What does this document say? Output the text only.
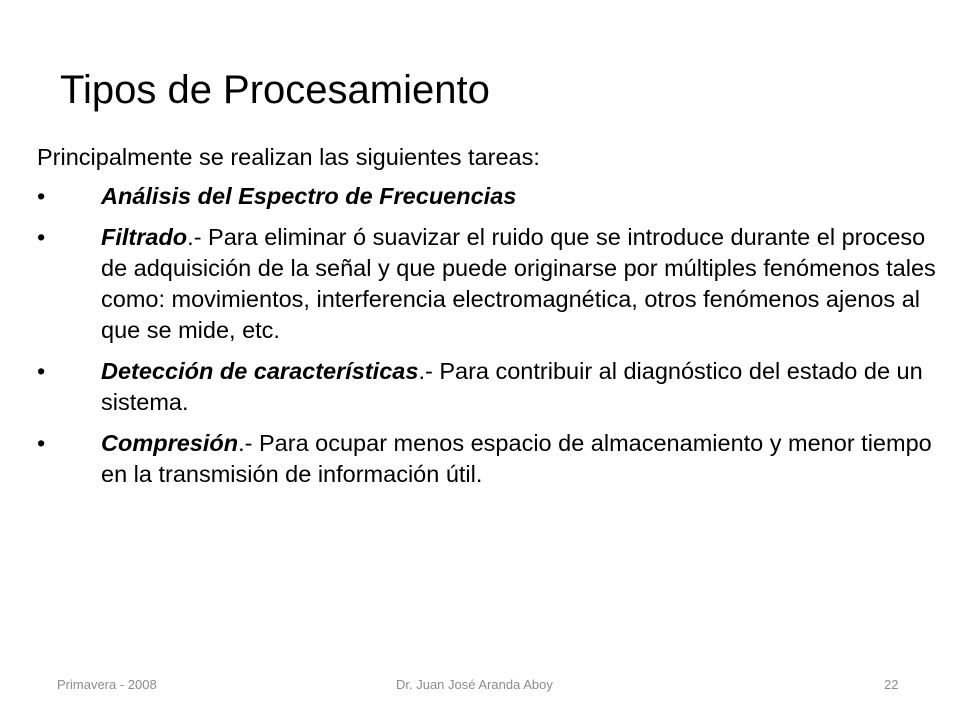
Tipos de Procesamiento

Principalmente se realizan las siguientes tareas:

• Análisis del Espectro de Frecuencias
• Filtrado.- Para eliminar ó suavizar el ruido que se introduce durante el proceso de adquisición de la señal y que puede originarse por múltiples fenómenos tales como: movimientos, interferencia electromagnética, otros fenómenos ajenos al que se mide, etc.
• Detección de características.- Para contribuir al diagnóstico del estado de un sistema.
• Compresión.- Para ocupar menos espacio de almacenamiento y menor tiempo en la transmisión de información útil.
Primavera - 2008	Dr. Juan José Aranda Aboy	22
